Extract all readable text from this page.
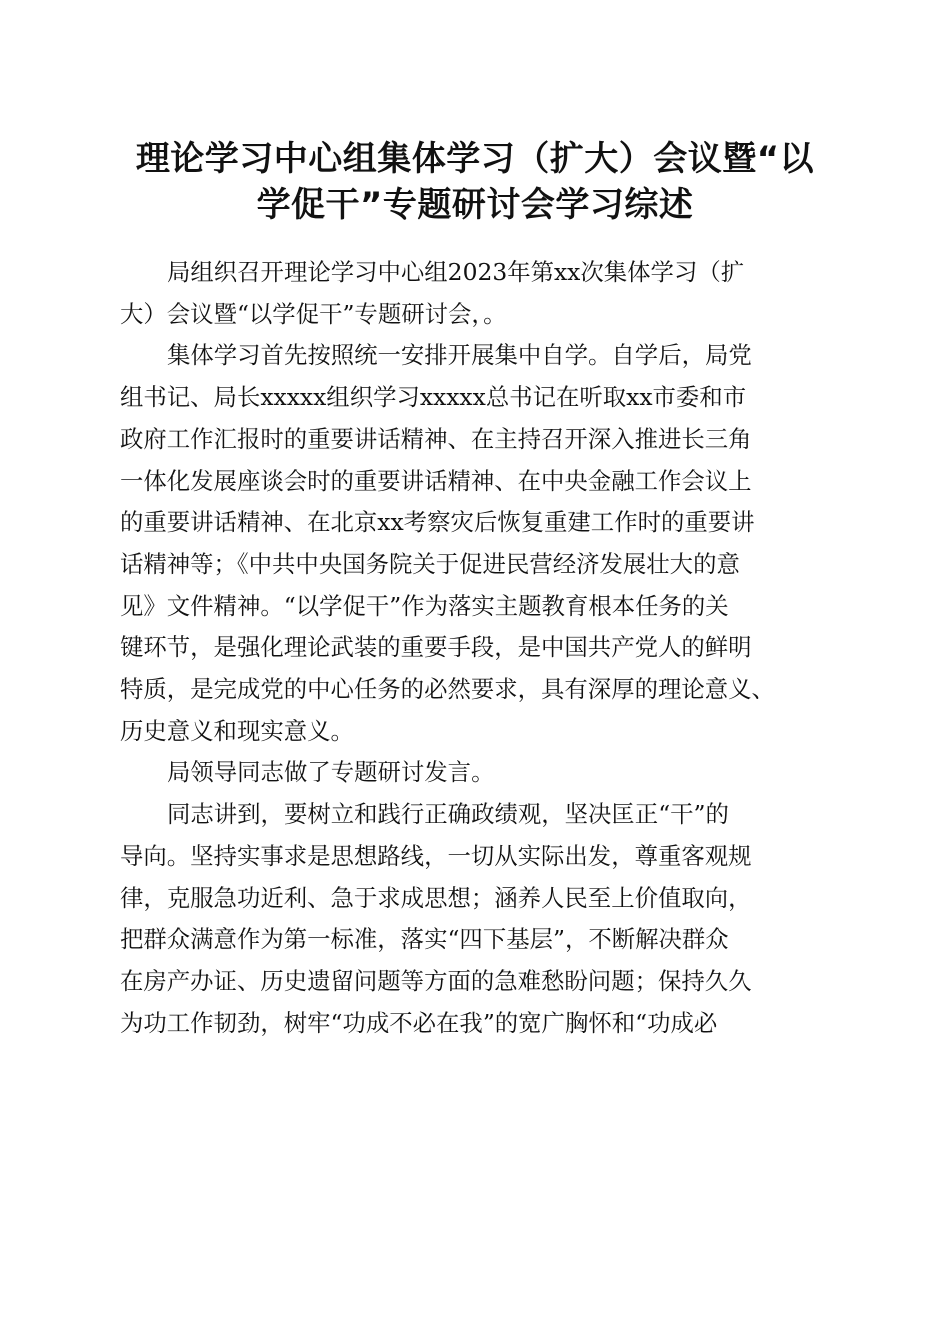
理论学习中心组集体学习（扩大）会议暨“以
学促干”专题研讨会学习综述

局组织召开理论学习中心组2023年第xx次集体学习（扩
大）会议暨“以学促干”专题研讨会，。

集体学习首先按照统一安排开展集中自学。自学后，局党
组书记、局长xxxxx组织学习xxxxx总书记在听取xx市委和市
政府工作汇报时的重要讲话精神、在主持召开深入推进长三角
一体化发展座谈会时的重要讲话精神、在中央金融工作会议上
的重要讲话精神、在北京xx考察灾后恢复重建工作时的重要讲
话精神等；《中共中央国务院关于促进民营经济发展壮大的意
见》文件精神。“以学促干”作为落实主题教育根本任务的关
键环节，是强化理论武装的重要手段，是中国共产党人的鲜明
特质，是完成党的中心任务的必然要求，具有深厚的理论意义、
历史意义和现实意义。

局领导同志做了专题研讨发言。

同志讲到，要树立和践行正确政绩观，坚决匡正“干”的
导向。坚持实事求是思想路线，一切从实际出发，尊重客观规
律，克服急功近利、急于求成思想；涵养人民至上价值取向，
把群众满意作为第一标准，落实“四下基层”，不断解决群众
在房产办证、历史遗留问题等方面的急难愁盼问题；保持久久
为功工作韧劲，树牢“功成不必在我”的宽广胸怀和“功成必
